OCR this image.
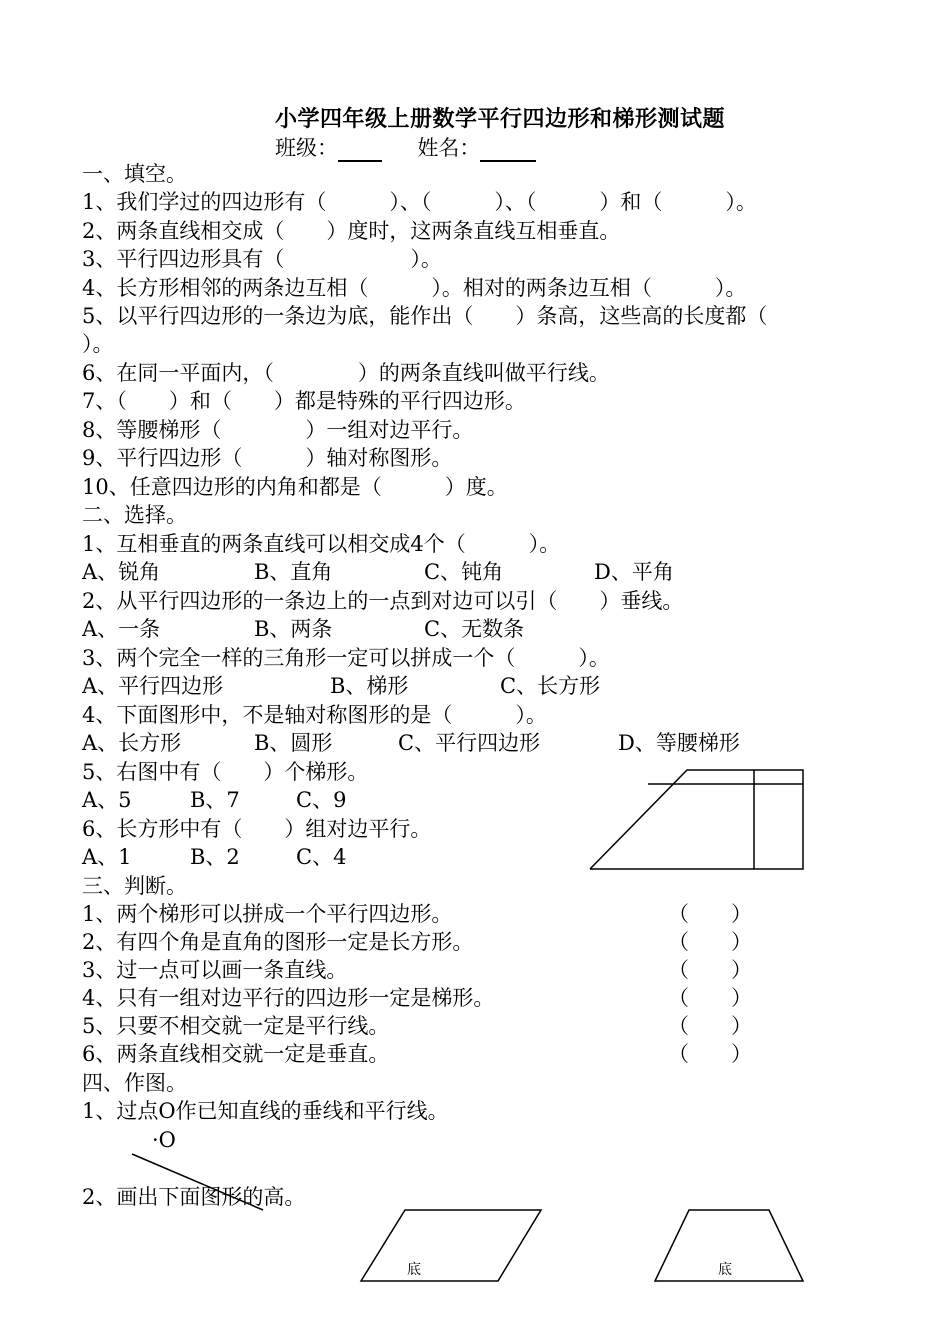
小学四年级上册数学平行四边形和梯形测试题
班级：	姓名：
一、填空。
1、我们学过的四边形有（　　　）、（　　　）、（　　　）和（　　　）。
2、两条直线相交成（　　）度时，这两条直线互相垂直。
3、平行四边形具有（　　　　　　）。
4、长方形相邻的两条边互相（　　　）。相对的两条边互相（　　　）。
5、以平行四边形的一条边为底，能作出（　　）条高，这些高的长度都（
）。
6、在同一平面内，（　　　　）的两条直线叫做平行线。
7、（　　）和（　　）都是特殊的平行四边形。
8、等腰梯形（　　　　）一组对边平行。
9、平行四边形（　　　）轴对称图形。
10、任意四边形的内角和都是（　　　）度。
二、选择。
1、互相垂直的两条直线可以相交成4个（　　　）。
A、锐角	B、直角	C、钝角	D、平角
2、从平行四边形的一条边上的一点到对边可以引（　　）垂线。
A、一条	B、两条	C、无数条
3、两个完全一样的三角形一定可以拼成一个（　　　）。
A、平行四边形	B、梯形	C、长方形
4、下面图形中，不是轴对称图形的是（　　　）。
A、长方形	B、圆形	C、平行四边形	D、等腰梯形
5、右图中有（　　）个梯形。
A、5	B、7	C、9
6、长方形中有（　　）组对边平行。
A、1	B、2	C、4
三、判断。
1、两个梯形可以拼成一个平行四边形。	（　　）
2、有四个角是直角的图形一定是长方形。	（　　）
3、过一点可以画一条直线。	（　　）
4、只有一组对边平行的四边形一定是梯形。	（　　）
5、只要不相交就一定是平行线。	（　　）
6、两条直线相交就一定是垂直。	（　　）
四、作图。
1、过点O作已知直线的垂线和平行线。
·O
2、画出下面图形的高。
底	底
